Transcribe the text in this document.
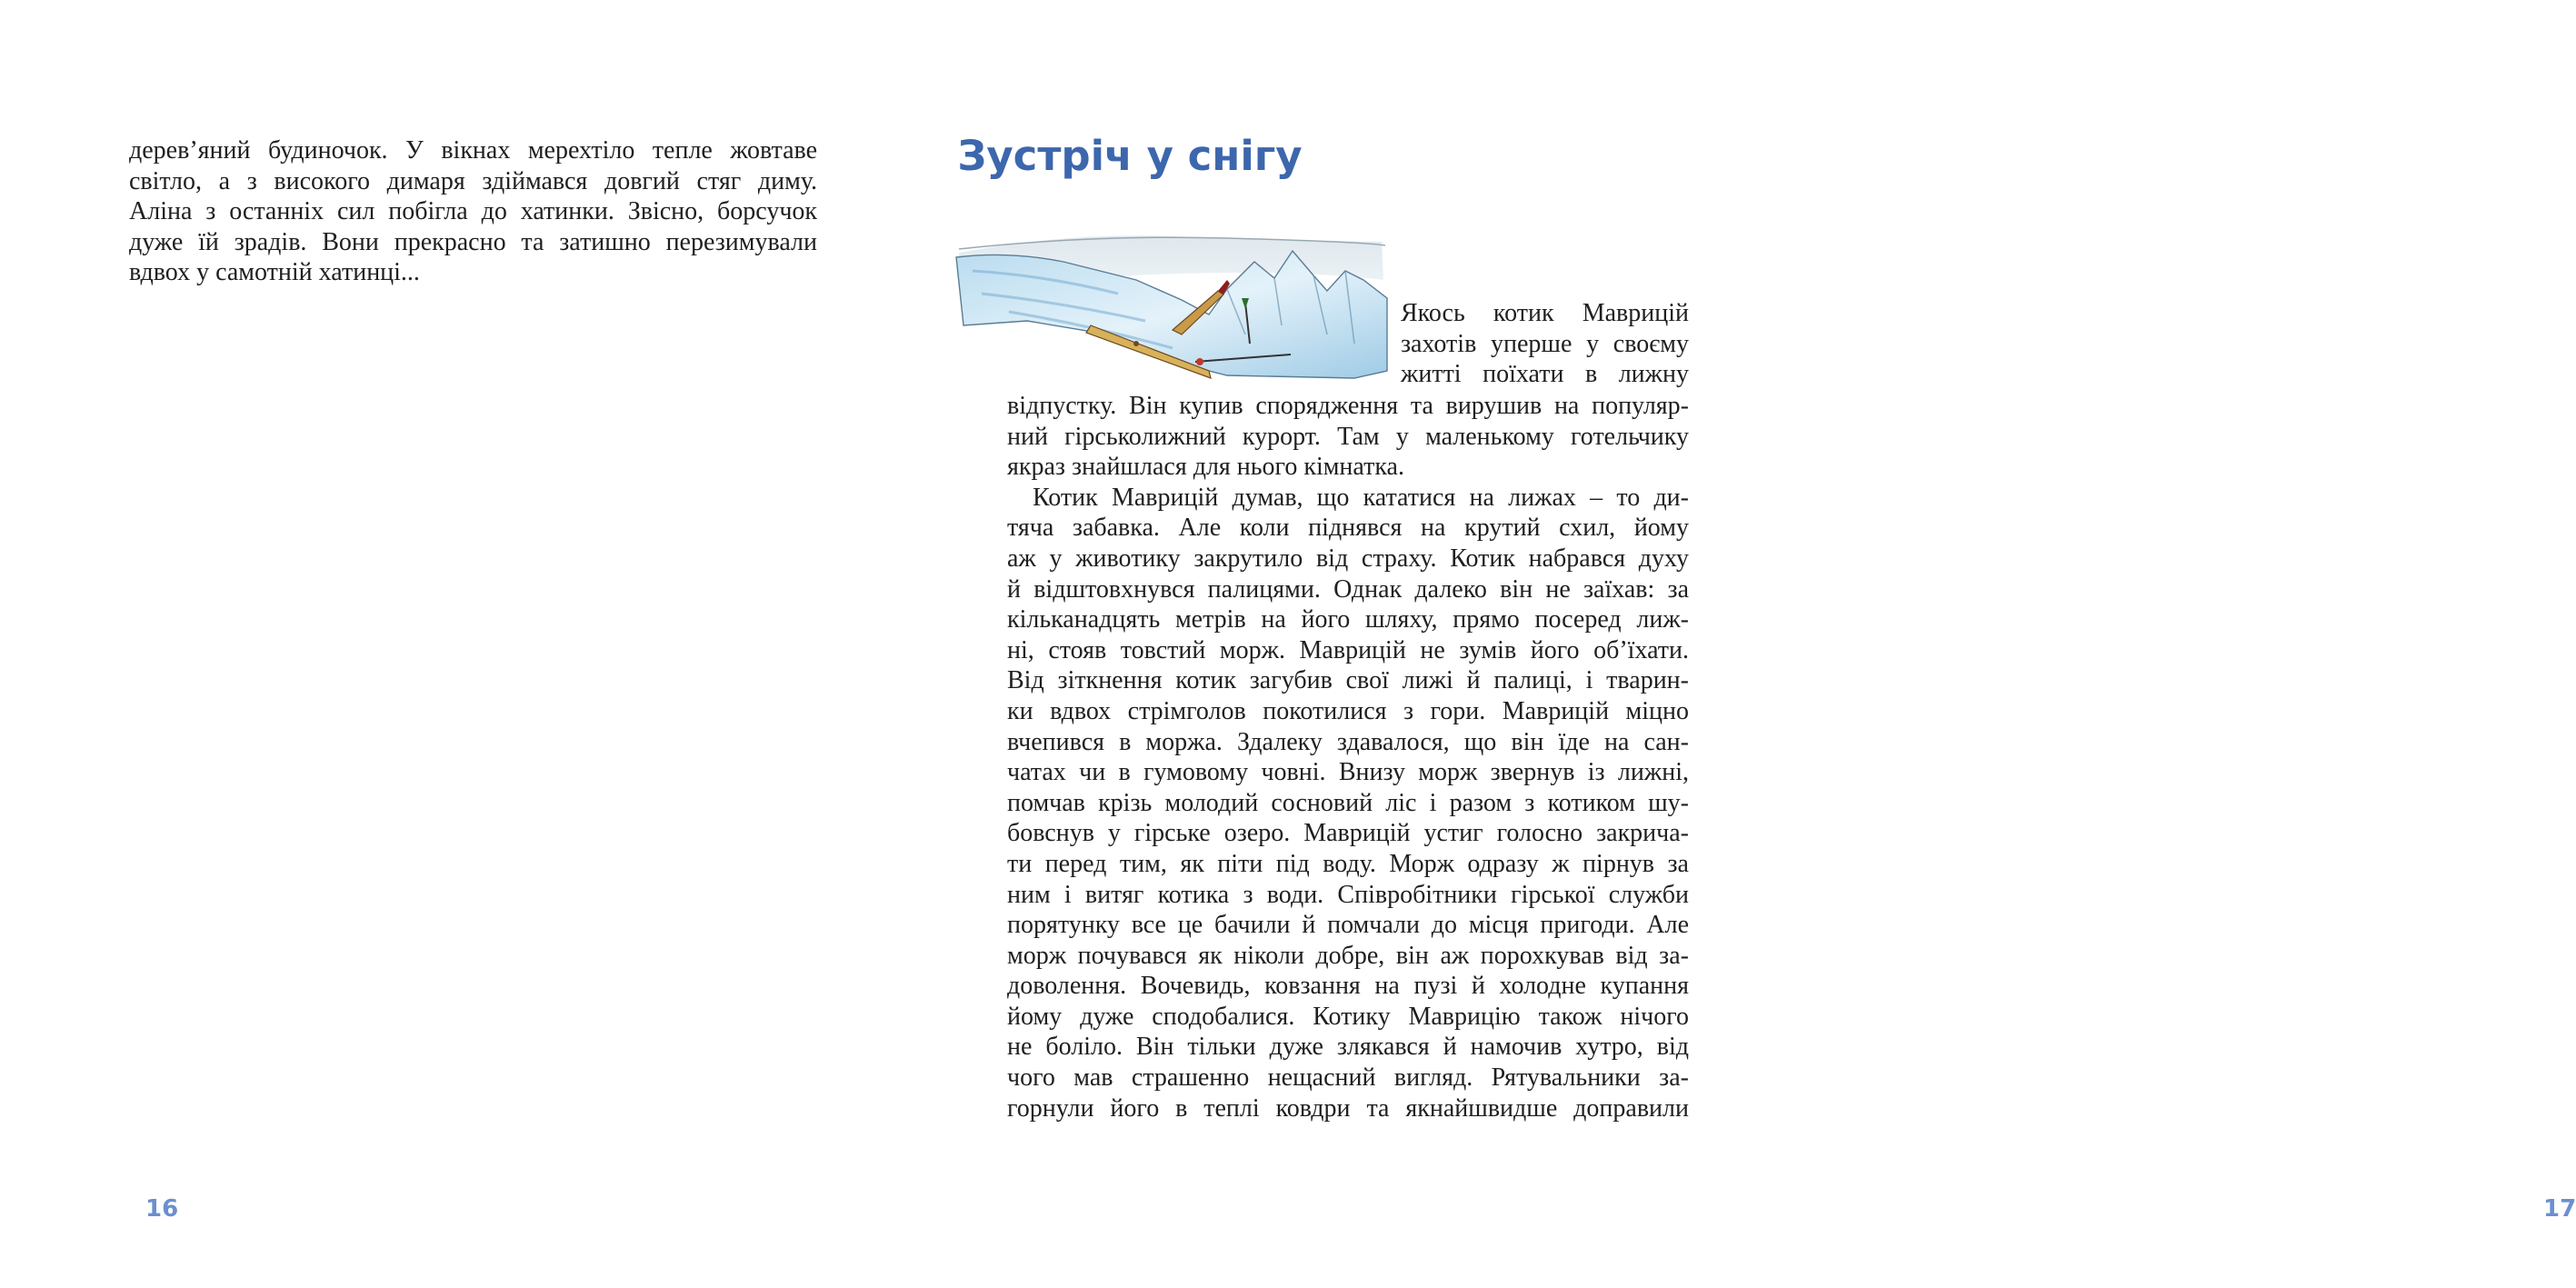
дерев’яний будиночок. У вікнах мерехтіло тепле жовтаве
світло, а з високого димаря здіймався довгий стяг диму.
Аліна з останніх сил побігла до хатинки. Звісно, борсучок
дуже їй зрадів. Вони прекрасно та затишно перезимували
вдвох у самотній хатинці...
16
Зустріч у снігу
17
Якось котик Маврицій
захотів уперше у своєму
житті поїхати в лижну
відпустку. Він купив спорядження та вирушив на популяр-
ний гірськолижний курорт. Там у маленькому готельчику
якраз знайшлася для нього кімнатка.
Котик Маврицій думав, що кататися на лижах – то ди-
тяча забавка. Але коли піднявся на крутий схил, йому
аж у животику закрутило від страху. Котик набрався духу
й відштовхнувся палицями. Однак далеко він не заїхав: за
кільканадцять метрів на його шляху, прямо посеред лиж-
ні, стояв товстий морж. Маврицій не зумів його об’їхати.
Від зіткнення котик загубив свої лижі й палиці, і тварин-
ки вдвох стрімголов покотилися з гори. Маврицій міцно
вчепився в моржа. Здалеку здавалося, що він їде на сан-
чатах чи в гумовому човні. Внизу морж звернув із лижні,
помчав крізь молодий сосновий ліс і разом з котиком шу-
бовснув у гірське озеро. Маврицій устиг голосно закрича-
ти перед тим, як піти під воду. Морж одразу ж пірнув за
ним і витяг котика з води. Співробітники гірської служби
порятунку все це бачили й помчали до місця пригоди. Але
морж почувався як ніколи добре, він аж порохкував від за-
доволення. Вочевидь, ковзання на пузі й холодне купання
йому дуже сподобалися. Котику Маврицію також нічого
не боліло. Він тільки дуже злякався й намочив хутро, від
чого мав страшенно нещасний вигляд. Рятувальники за-
горнули його в теплі ковдри та якнайшвидше доправили
